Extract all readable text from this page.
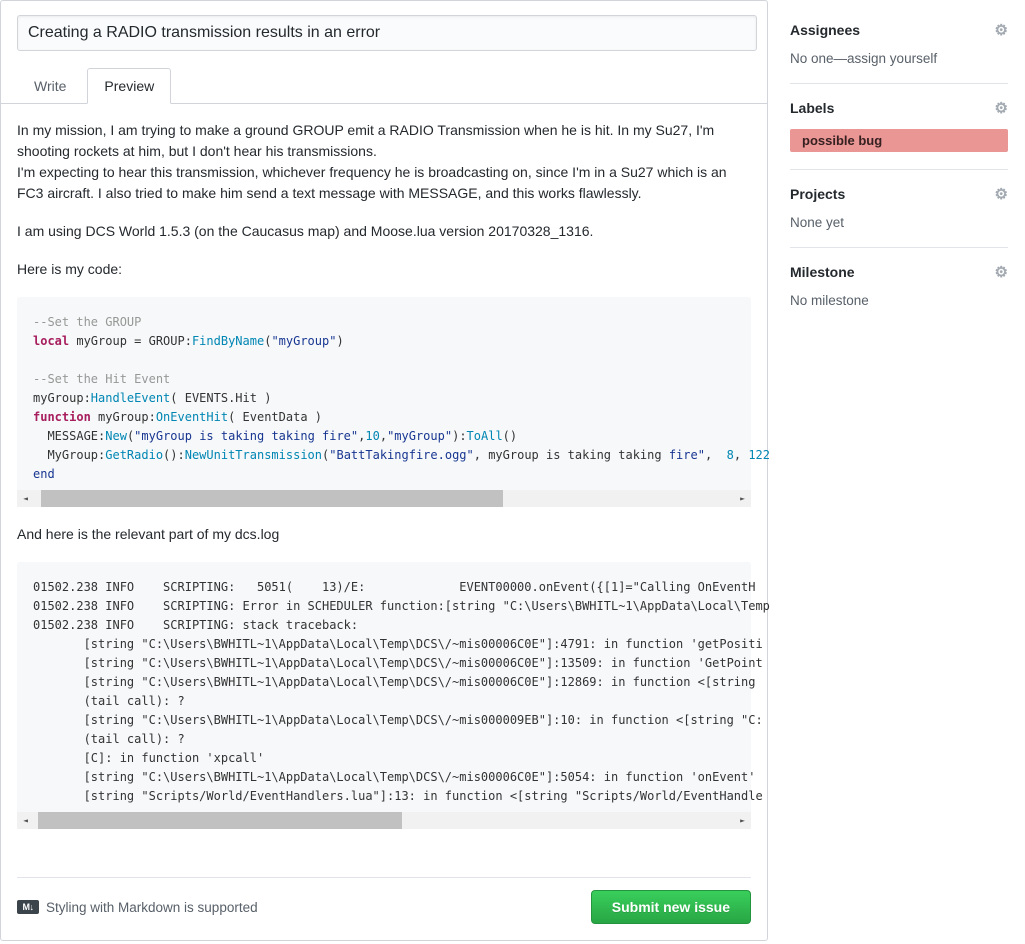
Creating a RADIO transmission results in an error
Write	Preview

In my mission, I am trying to make a ground GROUP emit a RADIO Transmission when he is hit. In my Su27, I'm shooting rockets at him, but I don't hear his transmissions.
I'm expecting to hear this transmission, whichever frequency he is broadcasting on, since I'm in a Su27 which is an FC3 aircraft. I also tried to make him send a text message with MESSAGE, and this works flawlessly.

I am using DCS World 1.5.3 (on the Caucasus map) and Moose.lua version 20170328_1316.

Here is my code:

--Set the GROUP
local myGroup = GROUP:FindByName("myGroup")

--Set the Hit Event
myGroup:HandleEvent( EVENTS.Hit )
function myGroup:OnEventHit( EventData )
MESSAGE:New("myGroup is taking taking fire",10,"myGroup"):ToAll()
MyGroup:GetRadio():NewUnitTransmission("BattTakingfire.ogg", myGroup is taking taking fire",  8, 122
end
◄	►

And here is the relevant part of my dcs.log

01502.238 INFO    SCRIPTING:   5051(    13)/E:             EVENT00000.onEvent({[1]="Calling OnEventH
01502.238 INFO    SCRIPTING: Error in SCHEDULER function:[string "C:\Users\BWHITL~1\AppData\Local\Temp
01502.238 INFO    SCRIPTING: stack traceback:
[string "C:\Users\BWHITL~1\AppData\Local\Temp\DCS\/~mis00006C0E"]:4791: in function 'getPositi
[string "C:\Users\BWHITL~1\AppData\Local\Temp\DCS\/~mis00006C0E"]:13509: in function 'GetPoint
[string "C:\Users\BWHITL~1\AppData\Local\Temp\DCS\/~mis00006C0E"]:12869: in function <[string
(tail call): ?
[string "C:\Users\BWHITL~1\AppData\Local\Temp\DCS\/~mis000009EB"]:10: in function <[string "C:
(tail call): ?
[C]: in function 'xpcall'
[string "C:\Users\BWHITL~1\AppData\Local\Temp\DCS\/~mis00006C0E"]:5054: in function 'onEvent'
[string "Scripts/World/EventHandlers.lua"]:13: in function <[string "Scripts/World/EventHandle
◄	►
M↓ Styling with Markdown is supported	Submit new issue
Assignees	⚙
No one—assign yourself
Labels	⚙
possible bug
Projects	⚙
None yet
Milestone	⚙
No milestone
